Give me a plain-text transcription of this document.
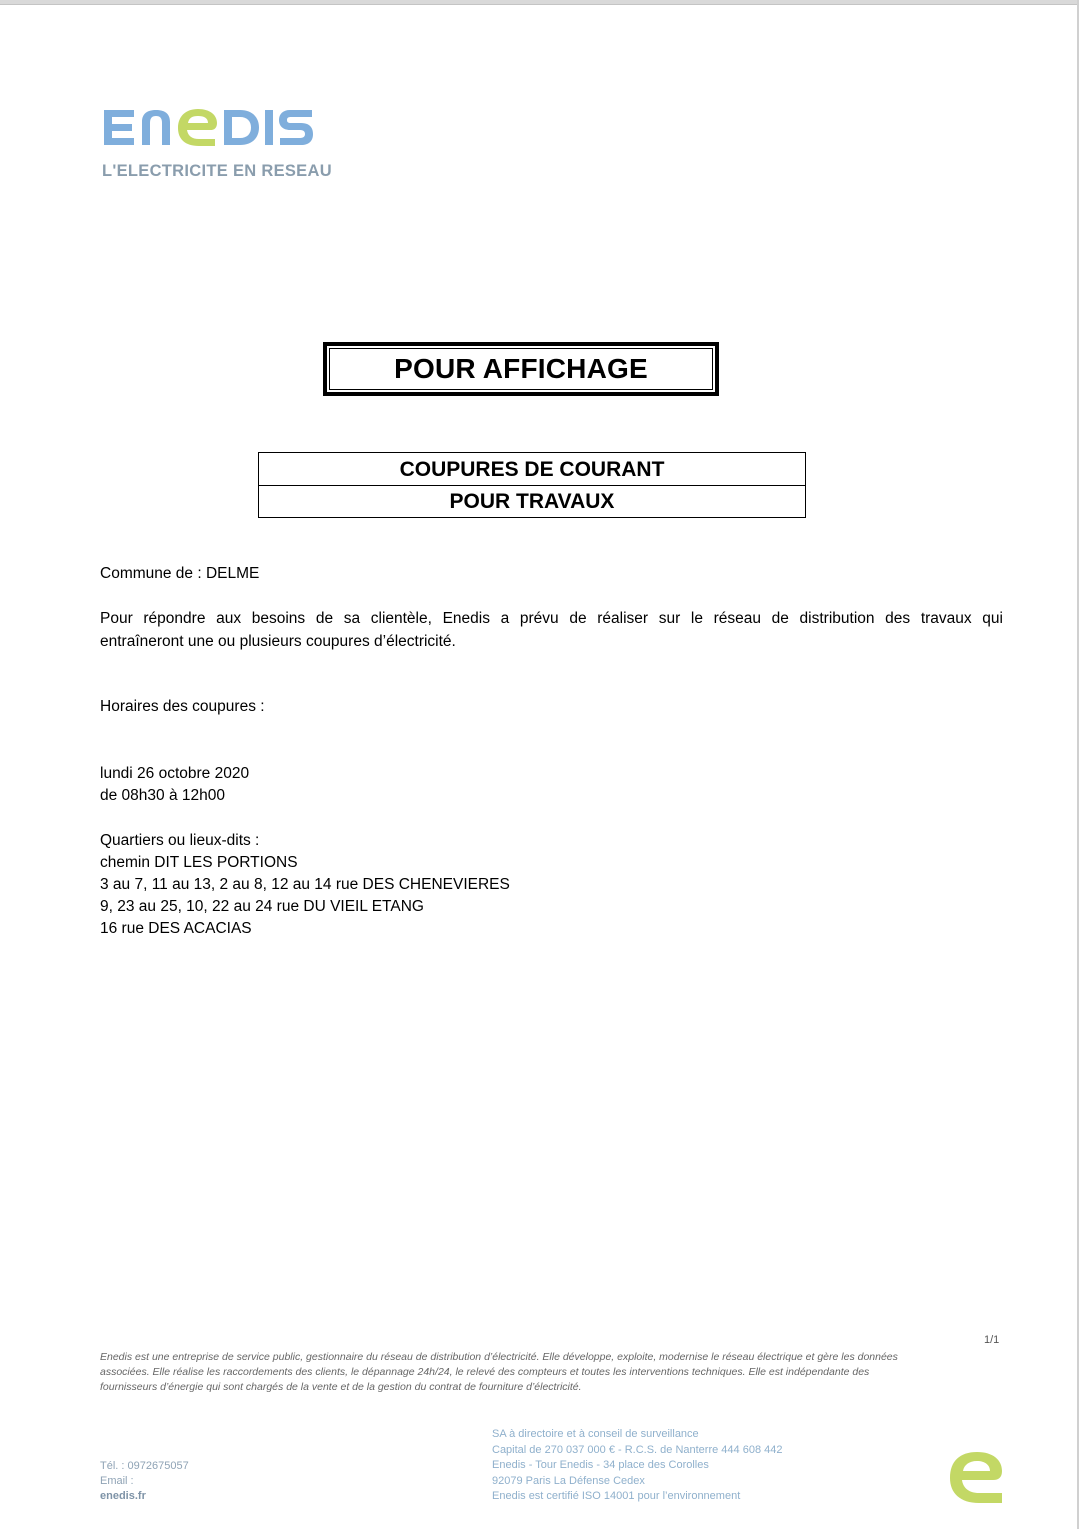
L'ELECTRICITE EN RESEAU
POUR AFFICHAGE
COUPURES DE COURANT
POUR TRAVAUX
Commune de : DELME
Pour répondre aux besoins de sa clientèle, Enedis a prévu de réaliser sur le réseau de distribution des travaux qui
entraîneront une ou plusieurs coupures d’électricité.
Horaires des coupures :
lundi 26 octobre 2020
de 08h30 à 12h00
Quartiers ou lieux-dits :
chemin DIT LES PORTIONS
3 au 7, 11 au 13, 2 au 8, 12 au 14 rue DES CHENEVIERES
9, 23 au 25, 10, 22 au 24 rue DU VIEIL ETANG
16 rue DES ACACIAS
1/1
Enedis est une entreprise de service public, gestionnaire du réseau de distribution d’électricité. Elle développe, exploite, modernise le réseau électrique et gère les données
associées. Elle réalise les raccordements des clients, le dépannage 24h/24, le relevé des compteurs et toutes les interventions techniques. Elle est indépendante des
fournisseurs d’énergie qui sont chargés de la vente et de la gestion du contrat de fourniture d’électricité.
Tél. : 0972675057
Email :
enedis.fr
SA à directoire et à conseil de surveillance
Capital de 270 037 000 € - R.C.S. de Nanterre 444 608 442
Enedis - Tour Enedis - 34 place des Corolles
92079 Paris La Défense Cedex
Enedis est certifié ISO 14001 pour l’environnement
